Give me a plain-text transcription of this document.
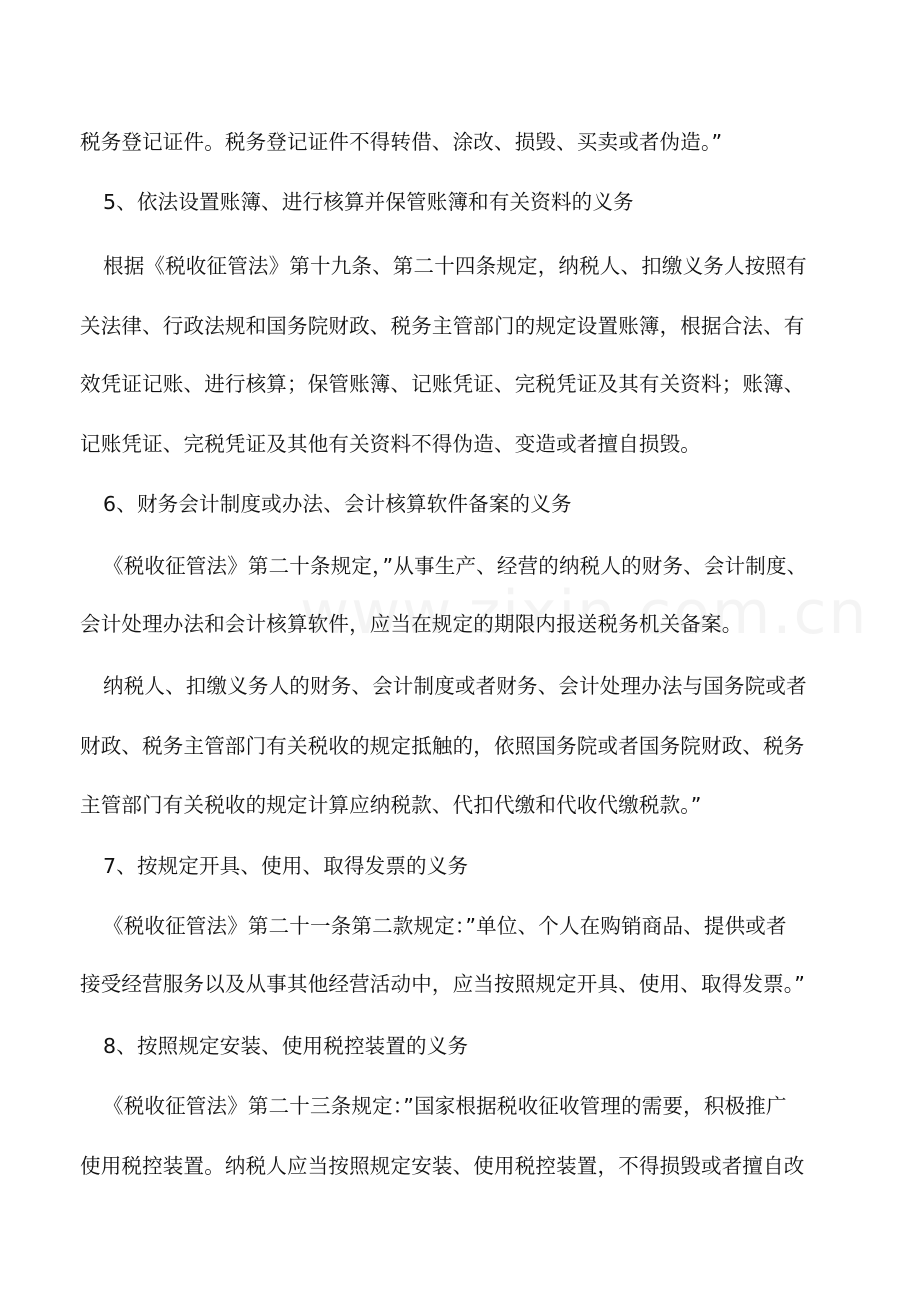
税务登记证件。税务登记证件不得转借、涂改、损毁、买卖或者伪造。”
5、依法设置账簿、进行核算并保管账簿和有关资料的义务
根据《税收征管法》第十九条、第二十四条规定，纳税人、扣缴义务人按照有
关法律、行政法规和国务院财政、税务主管部门的规定设置账簿，根据合法、有
效凭证记账、进行核算；保管账簿、记账凭证、完税凭证及其有关资料；账簿、
记账凭证、完税凭证及其他有关资料不得伪造、变造或者擅自损毁。
6、财务会计制度或办法、会计核算软件备案的义务
《税收征管法》第二十条规定，”从事生产、经营的纳税人的财务、会计制度、
会计处理办法和会计核算软件，应当在规定的期限内报送税务机关备案。
纳税人、扣缴义务人的财务、会计制度或者财务、会计处理办法与国务院或者
财政、税务主管部门有关税收的规定抵触的，依照国务院或者国务院财政、税务
主管部门有关税收的规定计算应纳税款、代扣代缴和代收代缴税款。”
7、按规定开具、使用、取得发票的义务
《税收征管法》第二十一条第二款规定：”单位、个人在购销商品、提供或者
接受经营服务以及从事其他经营活动中，应当按照规定开具、使用、取得发票。”
8、按照规定安装、使用税控装置的义务
《税收征管法》第二十三条规定：”国家根据税收征收管理的需要，积极推广
使用税控装置。纳税人应当按照规定安装、使用税控装置，不得损毁或者擅自改
